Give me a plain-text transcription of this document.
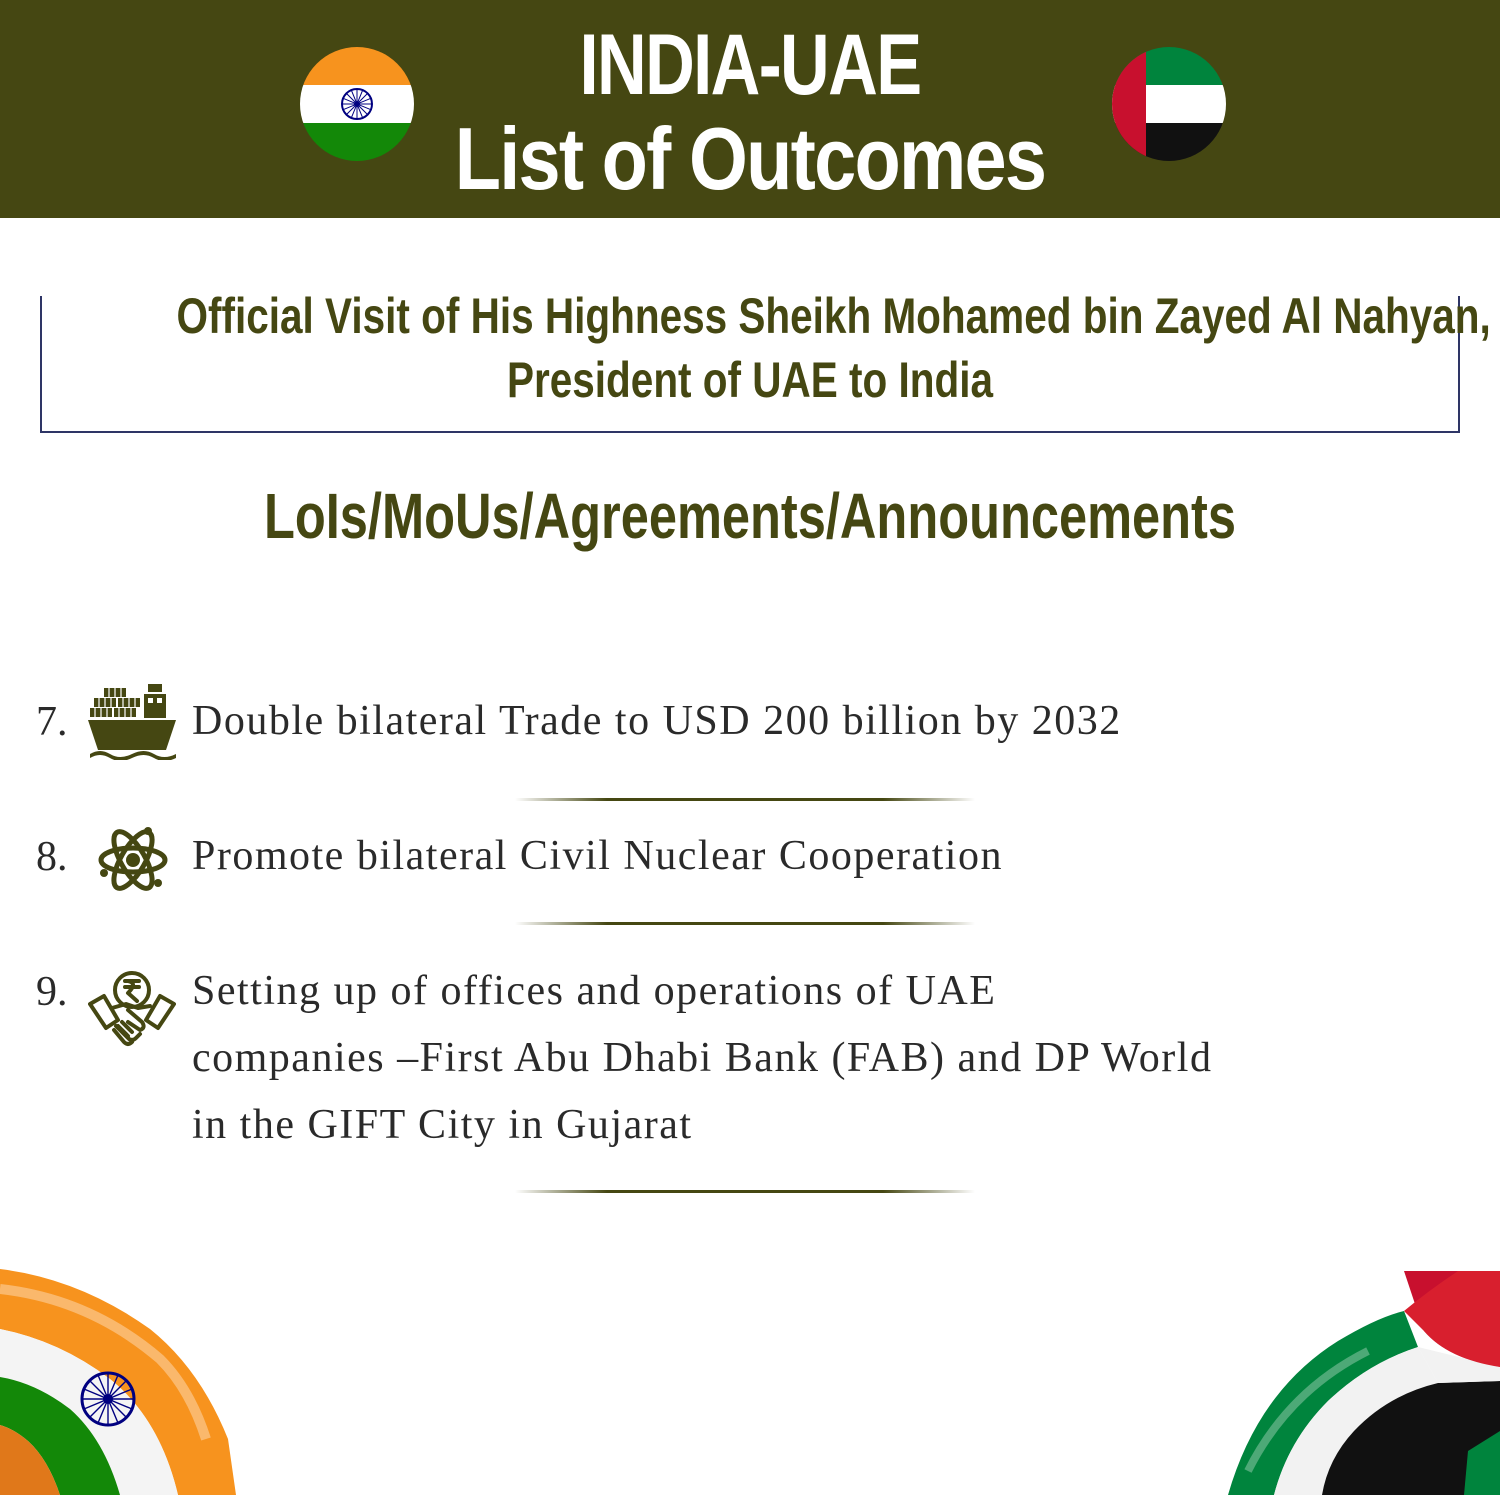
INDIA-UAE
List of Outcomes
Official Visit of His Highness Sheikh Mohamed bin Zayed Al Nahyan,
President of UAE to India
LoIs/MoUs/Agreements/Announcements
7.	Double bilateral Trade to USD 200 billion by 2032
8.	Promote bilateral Civil Nuclear Cooperation
9.	Setting up of offices and operations of UAE
companies –First Abu Dhabi Bank (FAB) and DP World
in the GIFT City in Gujarat
